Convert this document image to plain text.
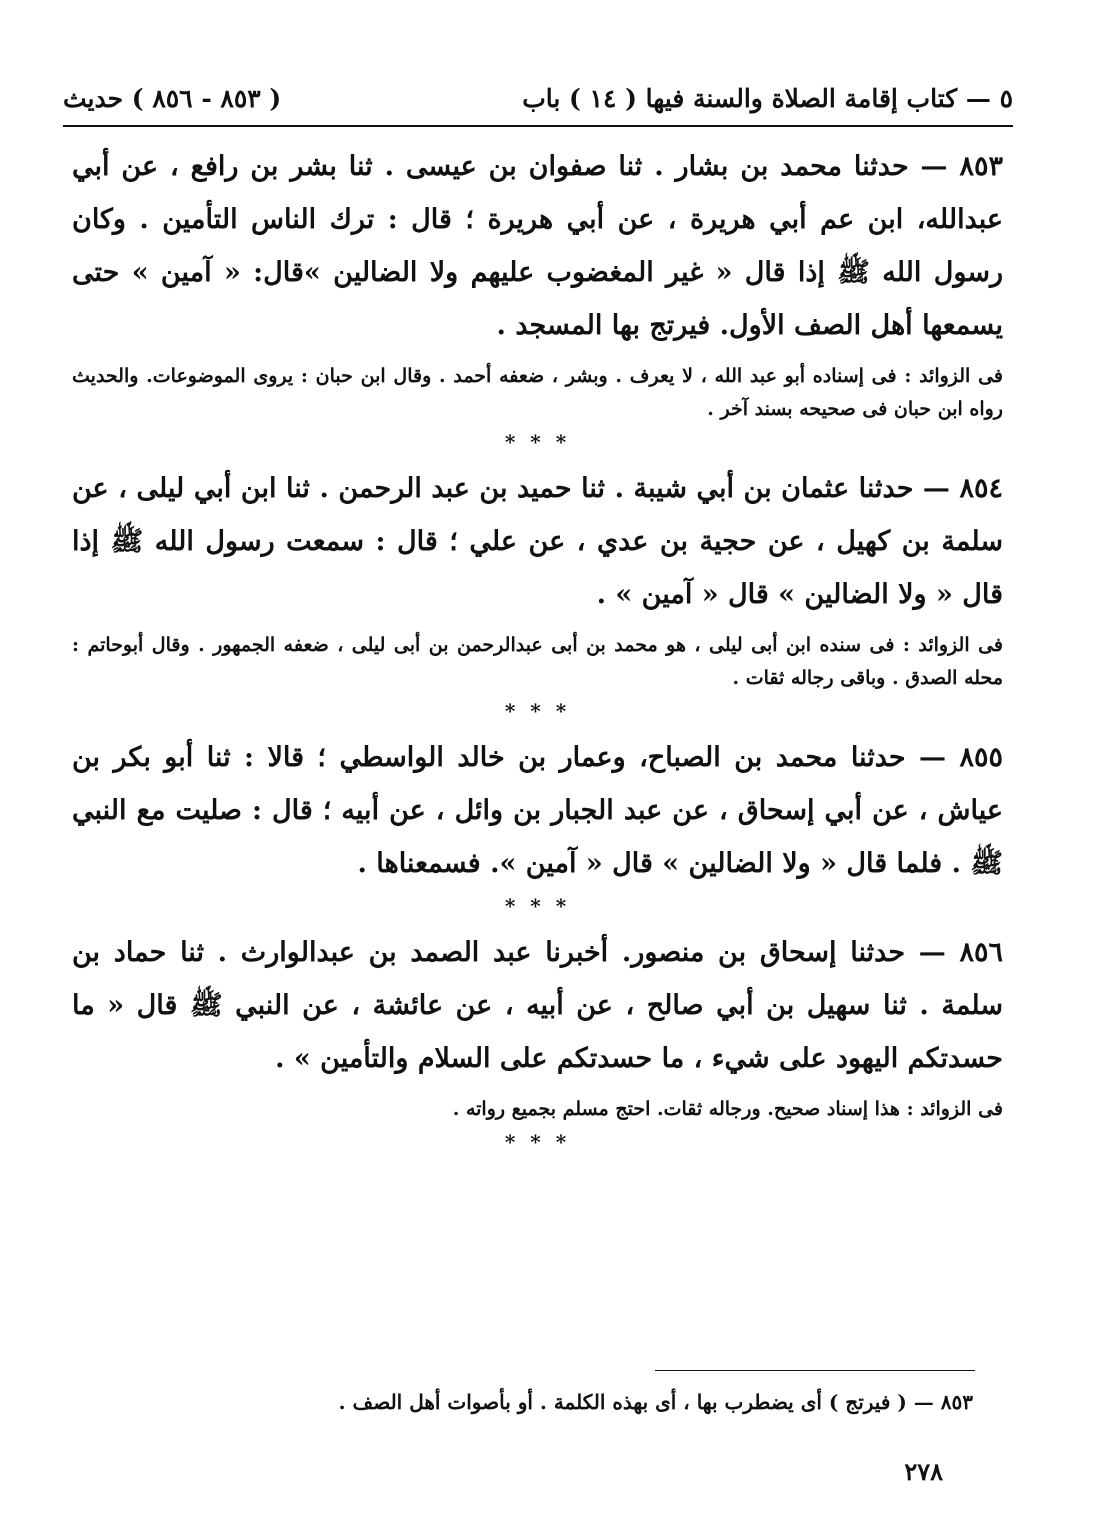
٥ — كتاب إقامة الصلاة والسنة فيها ( ١٤ ) باب
( ٨٥٣ - ٨٥٦ ) حديث

٨٥٣ — حدثنا محمد بن بشار . ثنا صفوان بن عيسى . ثنا بشر بن رافع ، عن أبي عبدالله، ابن عم أبي هريرة ، عن أبي هريرة ؛ قال : ترك الناس التأمين . وكان رسول الله ﷺ إذا قال « غير المغضوب عليهم ولا الضالين »قال: « آمين » حتى يسمعها أهل الصف الأول. فيرتج بها المسجد .

فى الزوائد : فى إسناده أبو عبد الله ، لا يعرف . وبشر ، ضعفه أحمد . وقال ابن حبان : يروى الموضوعات. والحديث رواه ابن حبان فى صحيحه بسند آخر .

* * *

٨٥٤ — حدثنا عثمان بن أبي شيبة . ثنا حميد بن عبد الرحمن . ثنا ابن أبي ليلى ، عن سلمة بن كهيل ، عن حجية بن عدي ، عن علي ؛ قال : سمعت رسول الله ﷺ إذا قال « ولا الضالين » قال « آمين » .

فى الزوائد : فى سنده ابن أبى ليلى ، هو محمد بن أبى عبدالرحمن بن أبى ليلى ، ضعفه الجمهور . وقال أبوحاتم : محله الصدق . وباقى رجاله ثقات .

* * *

٨٥٥ — حدثنا محمد بن الصباح، وعمار بن خالد الواسطي ؛ قالا : ثنا أبو بكر بن عياش ، عن أبي إسحاق ، عن عبد الجبار بن وائل ، عن أبيه ؛ قال : صليت مع النبي ﷺ . فلما قال « ولا الضالين » قال « آمين ». فسمعناها .

* * *

٨٥٦ — حدثنا إسحاق بن منصور. أخبرنا عبد الصمد بن عبدالوارث . ثنا حماد بن سلمة . ثنا سهيل بن أبي صالح ، عن أبيه ، عن عائشة ، عن النبي ﷺ قال « ما حسدتكم اليهود على شيء ، ما حسدتكم على السلام والتأمين » .

فى الزوائد : هذا إسناد صحيح. ورجاله ثقات. احتج مسلم بجميع رواته .

* * *
٨٥٣ — ( فيرتج ) أى يضطرب بها ، أى بهذه الكلمة . أو بأصوات أهل الصف .
٢٧٨
